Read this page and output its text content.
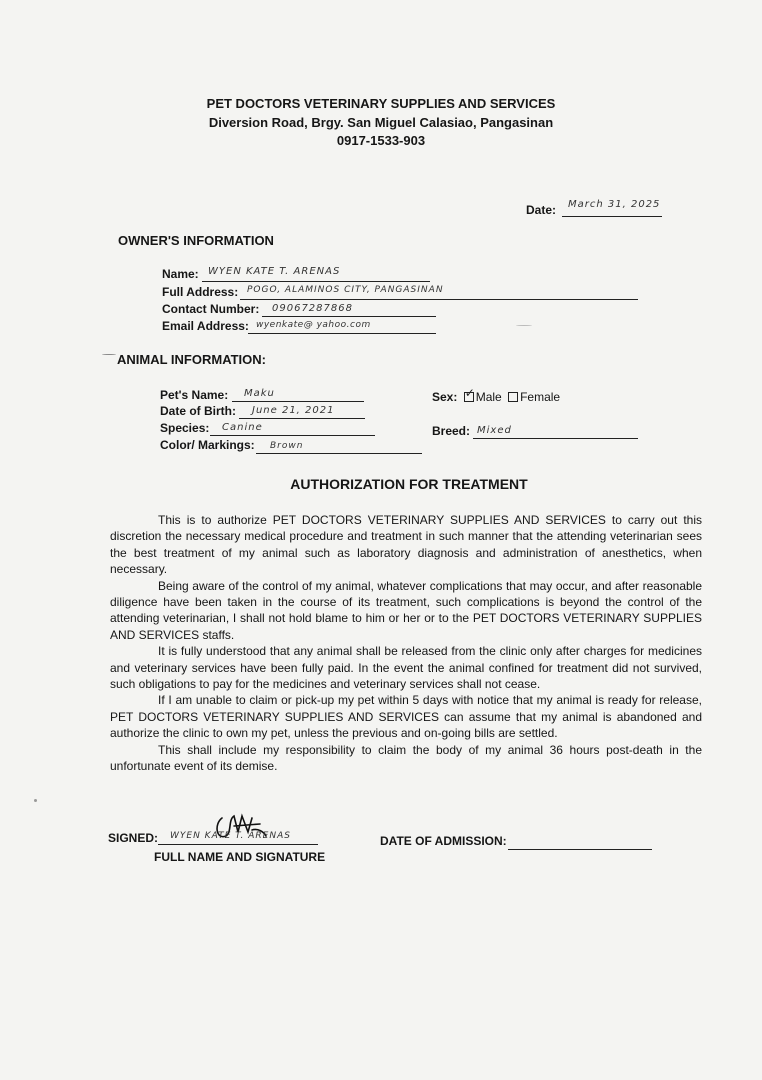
PET DOCTORS VETERINARY SUPPLIES AND SERVICES
Diversion Road, Brgy. San Miguel Calasiao, Pangasinan
0917-1533-903
Date: March 31, 2025
OWNER'S INFORMATION
Name: WYEN KATE T. ARENAS
Full Address: POGO, ALAMINOS CITY, PANGASINAN
Contact Number: 09067287868
Email Address: wyenkate@ yahoo.com
ANIMAL INFORMATION:
Pet's Name: Maku
Date of Birth: June 21, 2021
Species: Canine
Color/ Markings: Brown
Sex: ✓ Male Female
Breed: Mixed
AUTHORIZATION FOR TREATMENT

This is to authorize PET DOCTORS VETERINARY SUPPLIES AND SERVICES to carry out this discretion the necessary medical procedure and treatment in such manner that the attending veterinarian sees the best treatment of my animal such as laboratory diagnosis and administration of anesthetics, when necessary.

Being aware of the control of my animal, whatever complications that may occur, and after reasonable diligence have been taken in the course of its treatment, such complications is beyond the control of the attending veterinarian, I shall not hold blame to him or her or to the PET DOCTORS VETERINARY SUPPLIES AND SERVICES staffs.

It is fully understood that any animal shall be released from the clinic only after charges for medicines and veterinary services have been fully paid. In the event the animal confined for treatment did not survived, such obligations to pay for the medicines and veterinary services shall not cease.

If I am unable to claim or pick-up my pet within 5 days with notice that my animal is ready for release, PET DOCTORS VETERINARY SUPPLIES AND SERVICES can assume that my animal is abandoned and authorize the clinic to own my pet, unless the previous and on-going bills are settled.

This shall include my responsibility to claim the body of my animal 36 hours post-death in the unfortunate event of its demise.

SIGNED: WYEN KATE T. ARENAS
FULL NAME AND SIGNATURE
DATE OF ADMISSION:
